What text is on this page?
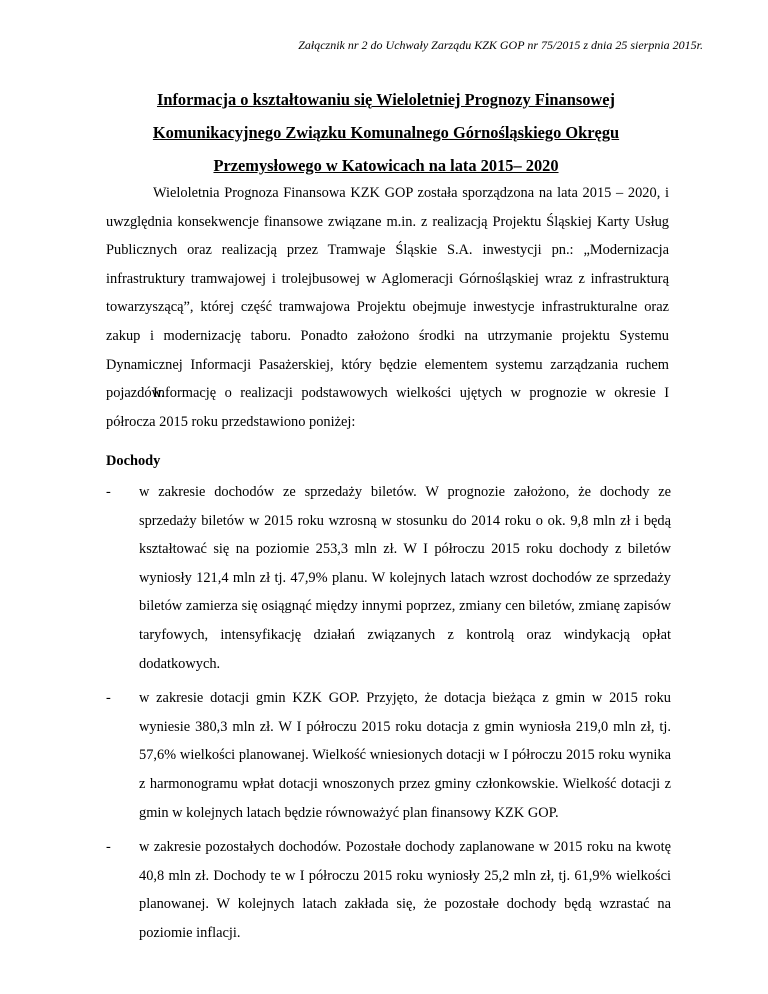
Załącznik nr 2 do Uchwały Zarządu KZK GOP nr 75/2015 z dnia 25 sierpnia 2015r.
Informacja o kształtowaniu się Wieloletniej Prognozy Finansowej
Komunikacyjnego Związku Komunalnego Górnośląskiego Okręgu
Przemysłowego w Katowicach na lata 2015– 2020

Wieloletnia Prognoza Finansowa KZK GOP została sporządzona na lata 2015 – 2020, i uwzględnia konsekwencje finansowe związane m.in. z realizacją Projektu Śląskiej Karty Usług Publicznych oraz realizacją przez Tramwaje Śląskie S.A. inwestycji pn.: „Modernizacja infrastruktury tramwajowej i trolejbusowej w Aglomeracji Górnośląskiej wraz z infrastrukturą towarzyszącą”, której część tramwajowa Projektu obejmuje inwestycje infrastrukturalne oraz zakup i modernizację taboru. Ponadto założono środki na utrzymanie projektu Systemu Dynamicznej Informacji Pasażerskiej, który będzie elementem systemu zarządzania ruchem pojazdów.

Informację o realizacji podstawowych wielkości ujętych w prognozie w okresie I półrocza 2015 roku przedstawiono poniżej:

Dochody
- w zakresie dochodów ze sprzedaży biletów. W prognozie założono, że dochody ze sprzedaży biletów w 2015 roku wzrosną w stosunku do 2014 roku o ok. 9,8 mln zł i będą kształtować się na poziomie 253,3 mln zł. W I półroczu 2015 roku dochody z biletów wyniosły 121,4 mln zł tj. 47,9% planu. W kolejnych latach wzrost dochodów ze sprzedaży biletów zamierza się osiągnąć między innymi poprzez, zmiany cen biletów, zmianę zapisów taryfowych, intensyfikację działań związanych z kontrolą oraz windykacją opłat dodatkowych.
- w zakresie dotacji gmin KZK GOP. Przyjęto, że dotacja bieżąca z gmin w 2015 roku wyniesie 380,3 mln zł. W I półroczu 2015 roku dotacja z gmin wyniosła 219,0 mln zł, tj. 57,6% wielkości planowanej. Wielkość wniesionych dotacji w I półroczu 2015 roku wynika z harmonogramu wpłat dotacji wnoszonych przez gminy członkowskie. Wielkość dotacji z gmin w kolejnych latach będzie równoważyć plan finansowy KZK GOP.
- w zakresie pozostałych dochodów. Pozostałe dochody zaplanowane w 2015 roku na kwotę 40,8 mln zł. Dochody te w I półroczu 2015 roku wyniosły 25,2 mln zł, tj. 61,9% wielkości planowanej. W kolejnych latach zakłada się, że pozostałe dochody będą wzrastać na poziomie inflacji.
